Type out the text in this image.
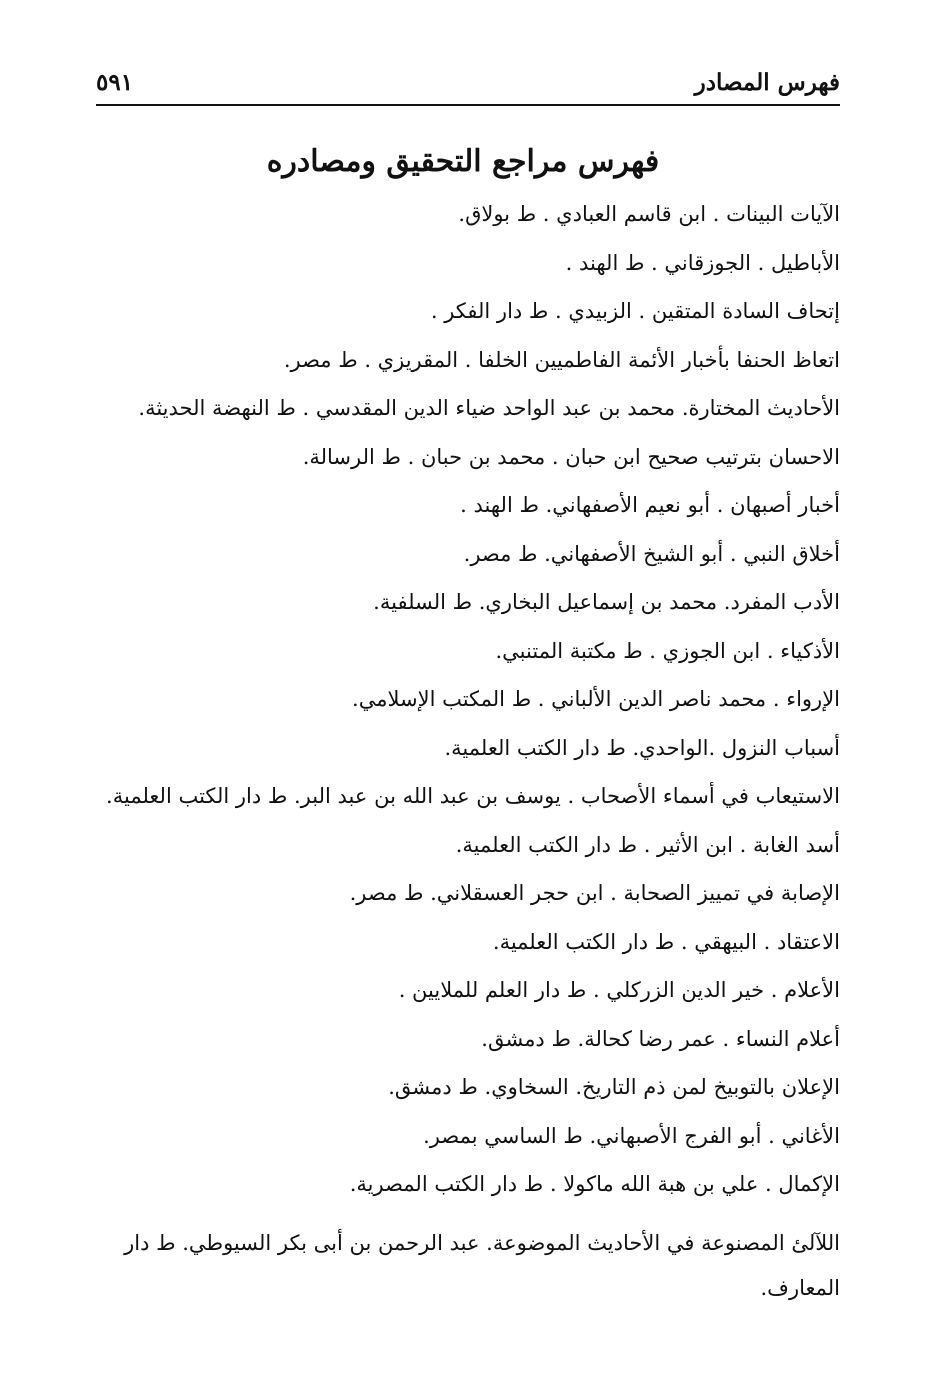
فهرس المصادر
٥٩١
فهرس مراجع التحقيق ومصادره
الآيات البينات . ابن قاسم العبادي . ط بولاق.
الأباطيل . الجوزقاني . ط الهند .
إتحاف السادة المتقين . الزبيدي . ط دار الفكر .
اتعاظ الحنفا بأخبار الأئمة الفاطميين الخلفا . المقريزي . ط مصر.
الأحاديث المختارة. محمد بن عبد الواحد ضياء الدين المقدسي . ط النهضة الحديثة.
الاحسان بترتيب صحيح ابن حبان . محمد بن حبان . ط الرسالة.
أخبار أصبهان . أبو نعيم الأصفهاني. ط الهند .
أخلاق النبي . أبو الشيخ الأصفهاني. ط مصر.
الأدب المفرد. محمد بن إسماعيل البخاري. ط السلفية.
الأذكياء . ابن الجوزي . ط مكتبة المتنبي.
الإرواء . محمد ناصر الدين الألباني . ط المكتب الإسلامي.
أسباب النزول .الواحدي. ط دار الكتب العلمية.
الاستيعاب في أسماء الأصحاب . يوسف بن عبد الله بن عبد البر. ط دار الكتب العلمية.
أسد الغابة . ابن الأثير . ط دار الكتب العلمية.
الإصابة في تمييز الصحابة . ابن حجر العسقلاني. ط مصر.
الاعتقاد . البيهقي . ط دار الكتب العلمية.
الأعلام . خير الدين الزركلي . ط دار العلم للملايين .
أعلام النساء . عمر رضا كحالة. ط دمشق.
الإعلان بالتوبيخ لمن ذم التاريخ. السخاوي. ط دمشق.
الأغاني . أبو الفرج الأصبهاني. ط الساسي بمصر.
الإكمال . علي بن هبة الله ماكولا . ط دار الكتب المصرية.
اللآلئ المصنوعة في الأحاديث الموضوعة. عبد الرحمن بن أبى بكر السيوطي. ط دار المعارف.
